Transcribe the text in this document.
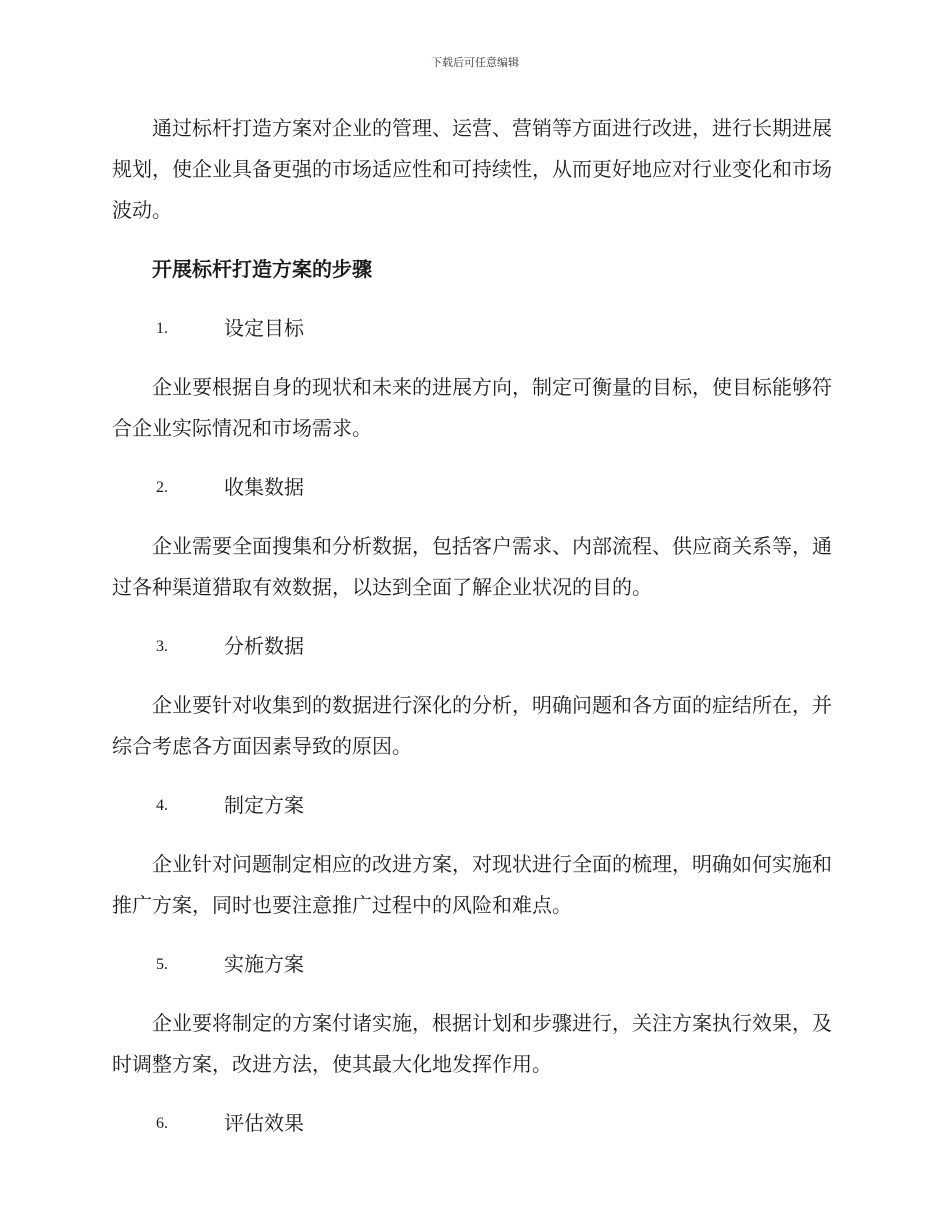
下载后可任意编辑

通过标杆打造方案对企业的管理、运营、营销等方面进行改进，进行长期进展规划，使企业具备更强的市场适应性和可持续性，从而更好地应对行业变化和市场波动。

开展标杆打造方案的步骤

1.	设定目标

企业要根据自身的现状和未来的进展方向，制定可衡量的目标，使目标能够符合企业实际情况和市场需求。

2.	收集数据

企业需要全面搜集和分析数据，包括客户需求、内部流程、供应商关系等，通过各种渠道猎取有效数据，以达到全面了解企业状况的目的。

3.	分析数据

企业要针对收集到的数据进行深化的分析，明确问题和各方面的症结所在，并综合考虑各方面因素导致的原因。

4.	制定方案

企业针对问题制定相应的改进方案，对现状进行全面的梳理，明确如何实施和推广方案，同时也要注意推广过程中的风险和难点。

5.	实施方案

企业要将制定的方案付诸实施，根据计划和步骤进行，关注方案执行效果，及时调整方案，改进方法，使其最大化地发挥作用。

6.	评估效果
